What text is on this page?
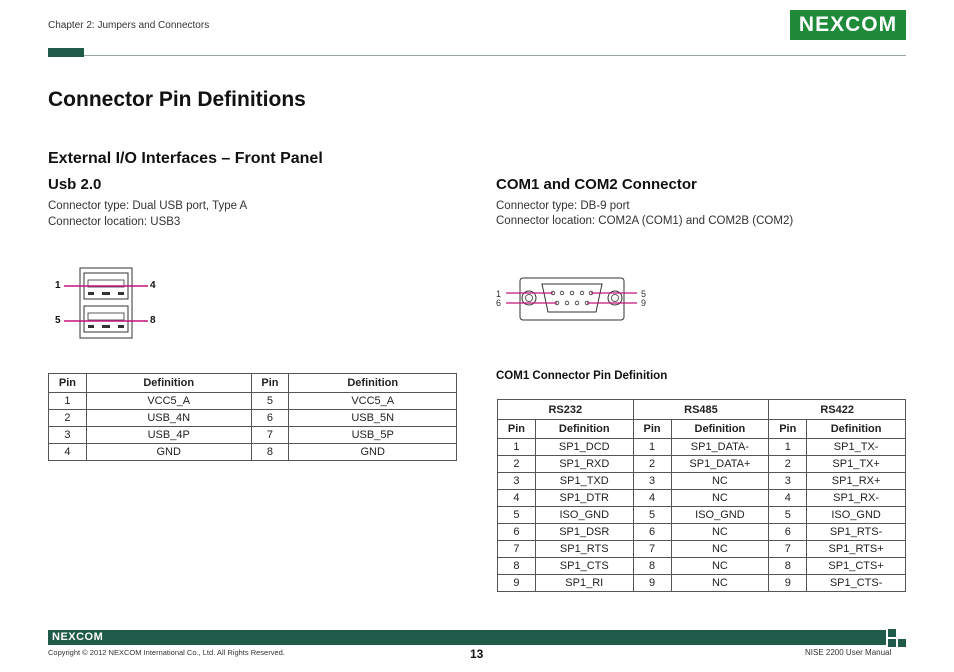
Chapter 2: Jumpers and Connectors	NEXCOM
Connector Pin Definitions
External I/O Interfaces – Front Panel
Usb 2.0
Connector type: Dual USB port, Type A
Connector location: USB3
1	4
5	8
Pin	Definition	Pin	Definition
1	VCC5_A	5	VCC5_A
2	USB_4N	6	USB_5N
3	USB_4P	7	USB_5P
4	GND	8	GND
COM1 and COM2 Connector
Connector type: DB-9 port
Connector location: COM2A (COM1) and COM2B (COM2)
1
6
5
9
COM1 Connector Pin Definition
RS232		RS485		RS422	
Pin	Definition	Pin	Definition	Pin	Definition
1	SP1_DCD	1	SP1_DATA-	1	SP1_TX-
2	SP1_RXD	2	SP1_DATA+	2	SP1_TX+
3	SP1_TXD	3	NC	3	SP1_RX+
4	SP1_DTR	4	NC	4	SP1_RX-
5	ISO_GND	5	ISO_GND	5	ISO_GND
6	SP1_DSR	6	NC	6	SP1_RTS-
7	SP1_RTS	7	NC	7	SP1_RTS+
8	SP1_CTS	8	NC	8	SP1_CTS+
9	SP1_RI	9	NC	9	SP1_CTS-
NEXCOM
Copyright © 2012 NEXCOM International Co., Ltd. All Rights Reserved.	13	NISE 2200 User Manual
